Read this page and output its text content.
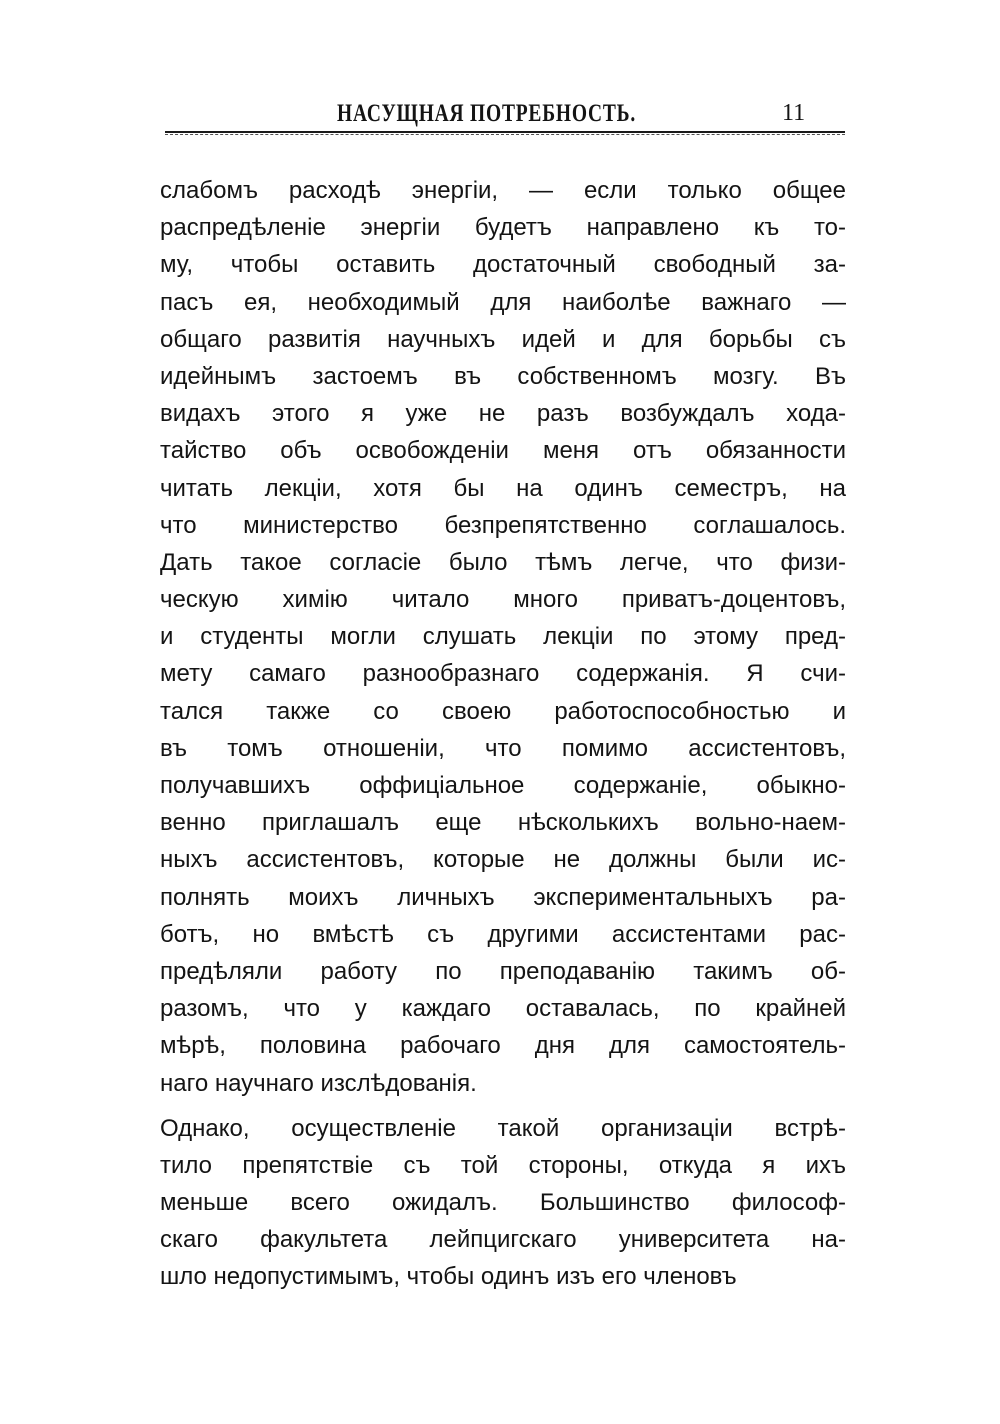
НАСУЩНАЯ ПОТРЕБНОСТЬ.	11
слабомъ расходѣ энергіи, — если только общее
распредѣленіе энергіи будетъ направлено къ то-
му, чтобы оставить достаточный свободный за-
пасъ ея, необходимый для наиболѣе важнаго —
общаго развитія научныхъ идей и для борьбы съ
идейнымъ застоемъ въ собственномъ мозгу. Въ
видахъ этого я уже не разъ возбуждалъ хода-
тайство объ освобожденіи меня отъ обязанности
читать лекціи, хотя бы на одинъ семестръ, на
что министерство безпрепятственно соглашалось.
Дать такое согласіе было тѣмъ легче, что физи-
ческую химію читало много приватъ-доцентовъ,
и студенты могли слушать лекціи по этому пред-
мету самаго разнообразнаго содержанія. Я счи-
тался также со своею работоспособностью и
въ томъ отношеніи, что помимо ассистентовъ,
получавшихъ оффиціальное содержаніе, обыкно-
венно приглашалъ еще нѣсколькихъ вольно-наем-
ныхъ ассистентовъ, которые не должны были ис-
полнять моихъ личныхъ экспериментальныхъ ра-
ботъ, но вмѣстѣ съ другими ассистентами рас-
предѣляли работу по преподаванію такимъ об-
разомъ, что у каждаго оставалась, по крайней
мѣрѣ, половина рабочаго дня для самостоятель-
наго научнаго изслѣдованія.
Однако, осуществленіе такой организаціи встрѣ-
тило препятствіе съ той стороны, откуда я ихъ
меньше всего ожидалъ. Большинство философ-
скаго факультета лейпцигскаго университета на-
шло недопустимымъ, чтобы одинъ изъ его членовъ
